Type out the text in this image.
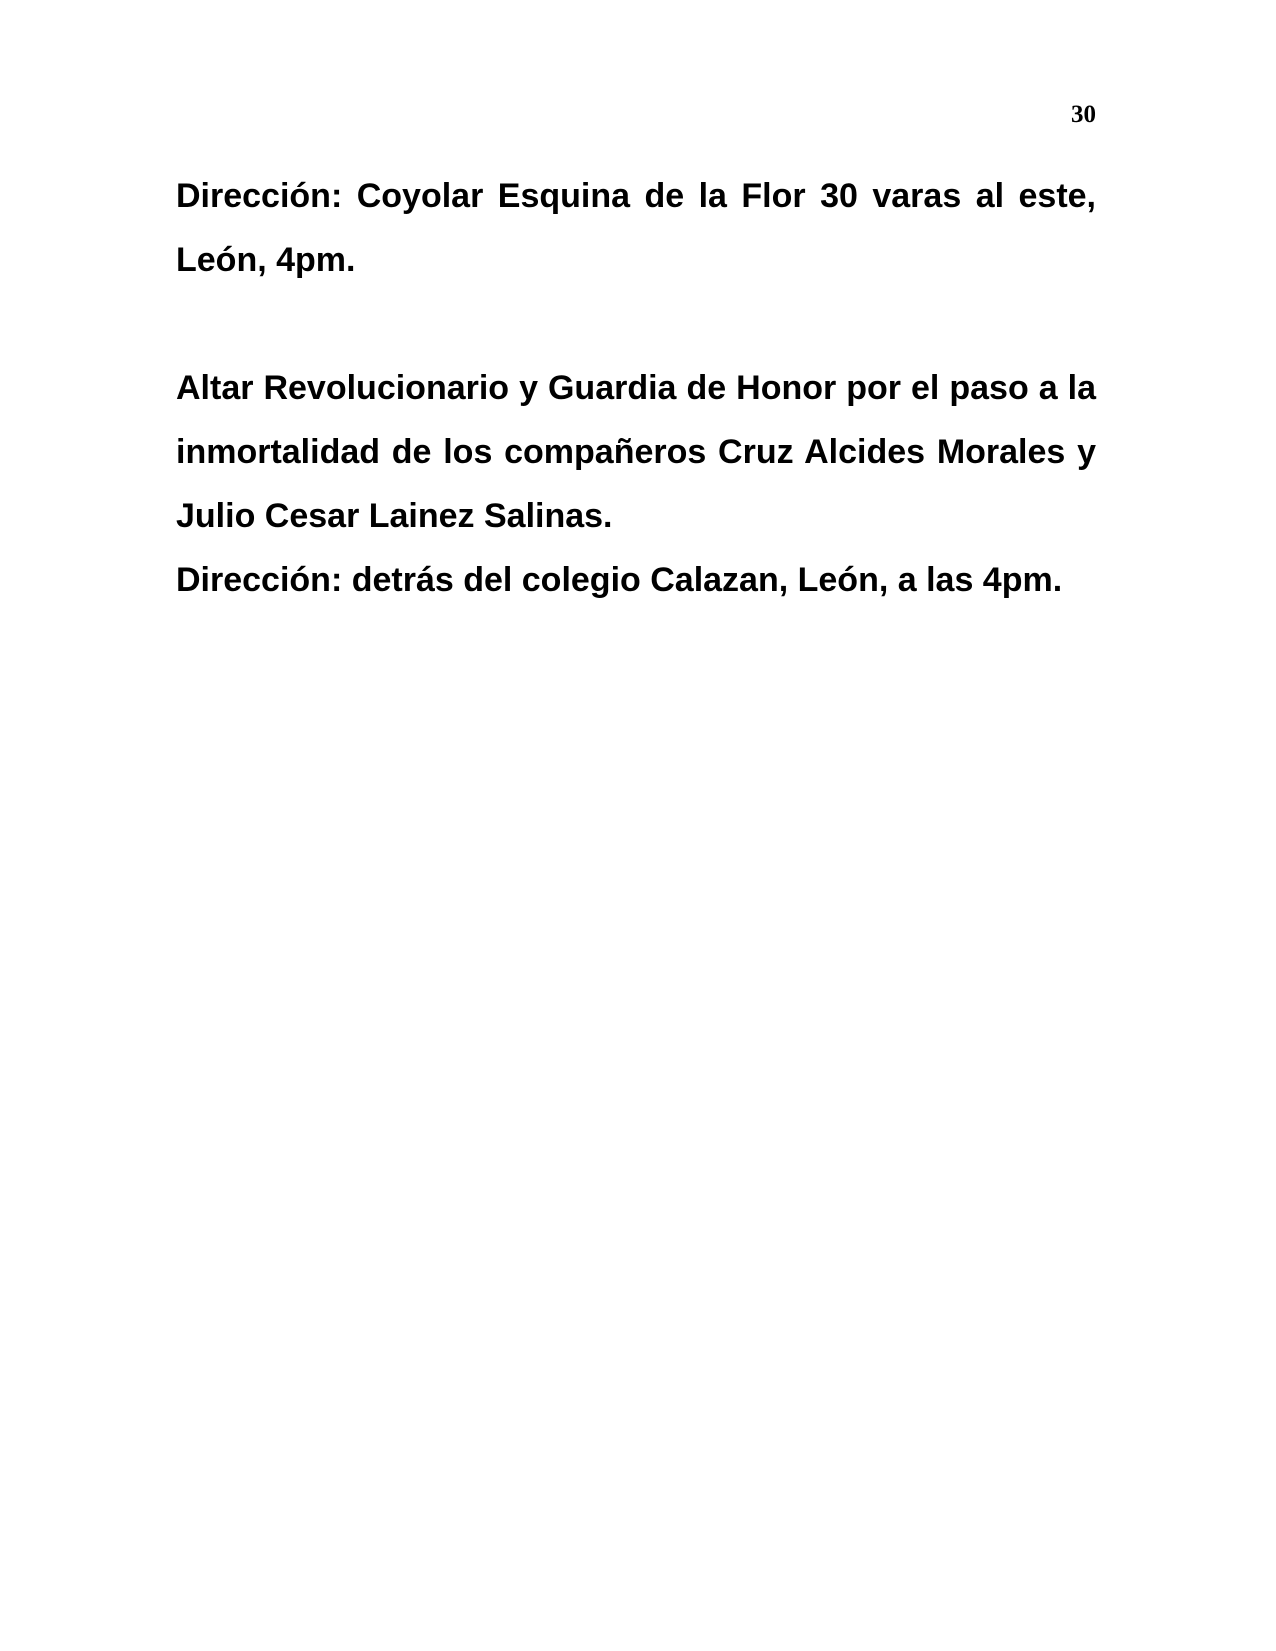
30

Dirección: Coyolar Esquina de la Flor 30 varas al este, León, 4pm.

Altar Revolucionario y Guardia de Honor por el paso a la inmortalidad de los compañeros Cruz Alcides Morales y Julio Cesar Lainez Salinas.

Dirección: detrás del colegio Calazan, León, a las 4pm.
